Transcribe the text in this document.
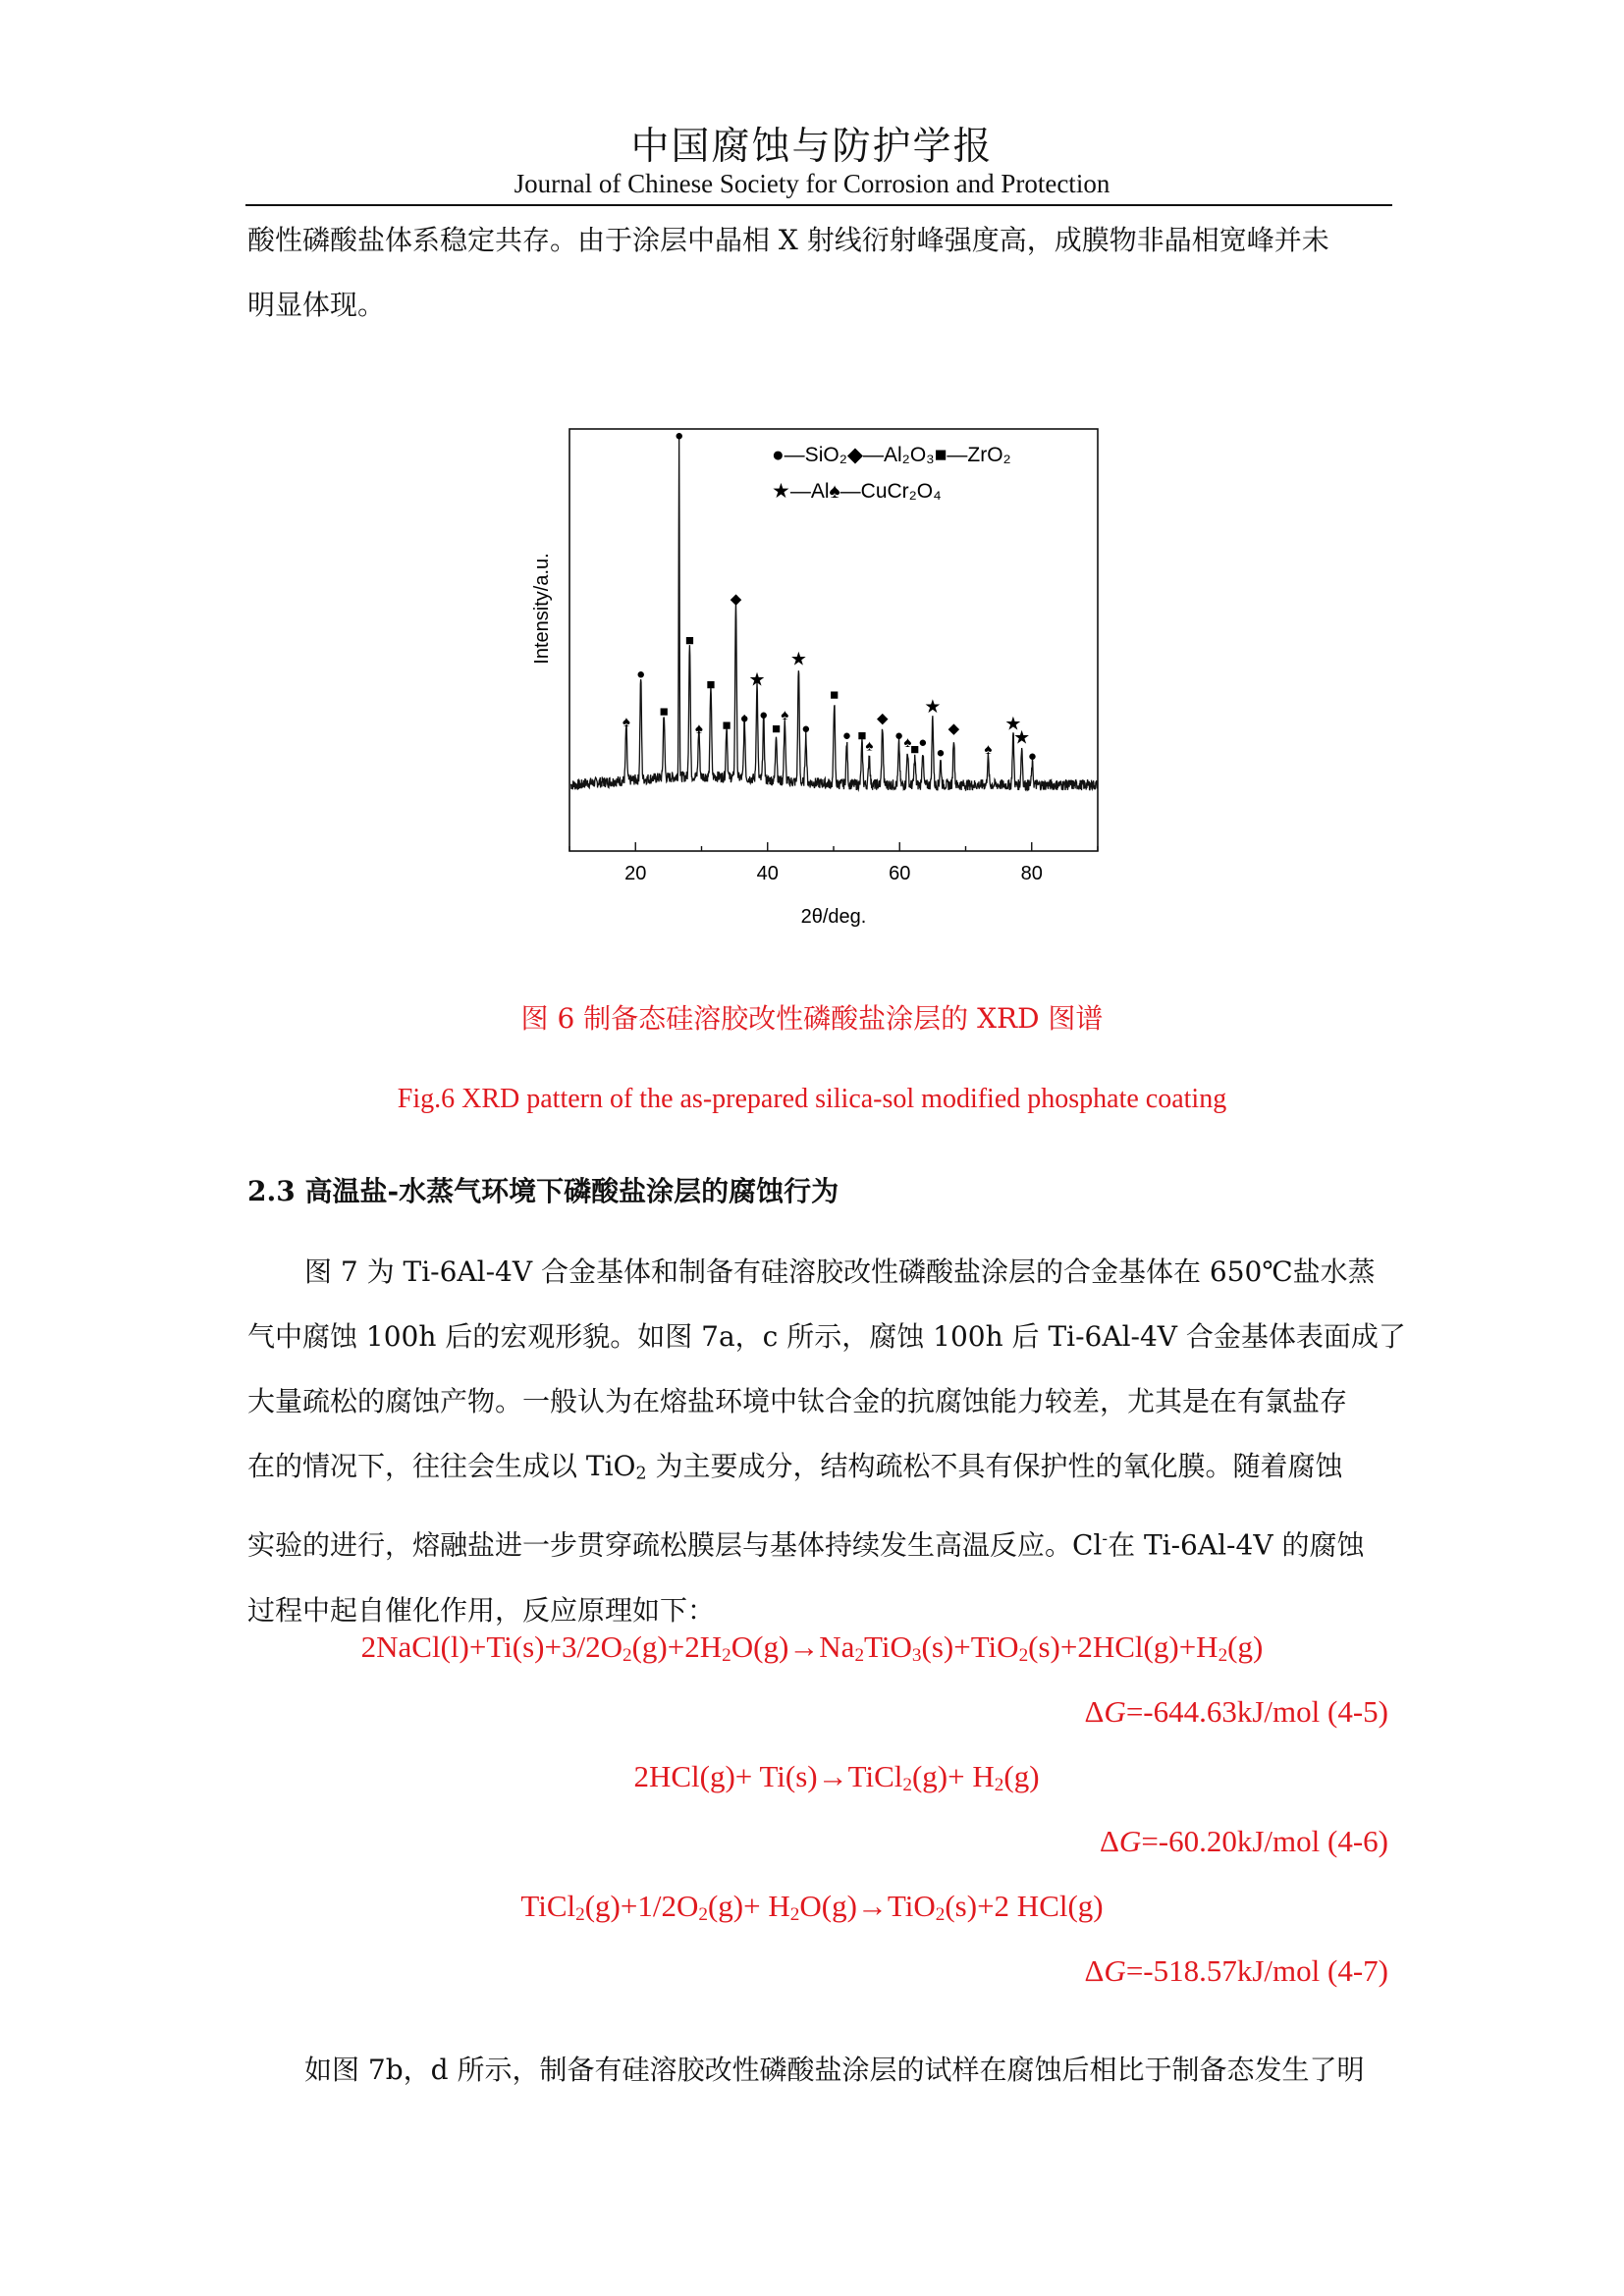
中国腐蚀与防护学报
Journal of Chinese Society for Corrosion and Protection
酸性磷酸盐体系稳定共存。由于涂层中晶相 X 射线衍射峰强度高，成膜物非晶相宽峰并未
明显体现。
20	40	60	80
♠
●
■
●
■
♠
■
■
◆
●
★
●
■
♠
★
●
■
● ■
♠
◆
● ♠
■ ●
★
●
◆
♠
★
★
●
Intensity/a.u.
2θ/deg.
●—SiO₂◆—Al₂O₃■—ZrO₂
★—Al♠—CuCr₂O₄
图 6 制备态硅溶胶改性磷酸盐涂层的 XRD 图谱
Fig.6 XRD pattern of the as-prepared silica-sol modified phosphate coating
2.3 高温盐-水蒸气环境下磷酸盐涂层的腐蚀行为
图 7 为 Ti-6Al-4V 合金基体和制备有硅溶胶改性磷酸盐涂层的合金基体在 650℃盐水蒸
气中腐蚀 100h 后的宏观形貌。如图 7a，c 所示，腐蚀 100h 后 Ti-6Al-4V 合金基体表面成了
大量疏松的腐蚀产物。一般认为在熔盐环境中钛合金的抗腐蚀能力较差，尤其是在有氯盐存
在的情况下，往往会生成以 TiO$_2$ 为主要成分，结构疏松不具有保护性的氧化膜。随着腐蚀
实验的进行，熔融盐进一步贯穿疏松膜层与基体持续发生高温反应。Cl-在 Ti-6Al-4V 的腐蚀
过程中起自催化作用，反应原理如下：
$2NaCl(l)+Ti(s)+3/2O_2(g)+2H_2O(g)\to Na_2TiO_3(s)+TiO_2(s)+2HCl(g)+H_2(g)$
ΔG=-644.63kJ/mol (4-5)
2HCl(g)+ Ti(s)→TiCl$_2$(g)+ $H_2(g)$
ΔG=-60.20kJ/mol (4-6)
$TiCl_2(g)+1/2O_2(g)+ H_2O(g)\to TiO_2(s)+2$ HCl(g)
ΔG=-518.57kJ/mol (4-7)
如图 7b，d 所示，制备有硅溶胶改性磷酸盐涂层的试样在腐蚀后相比于制备态发生了明
